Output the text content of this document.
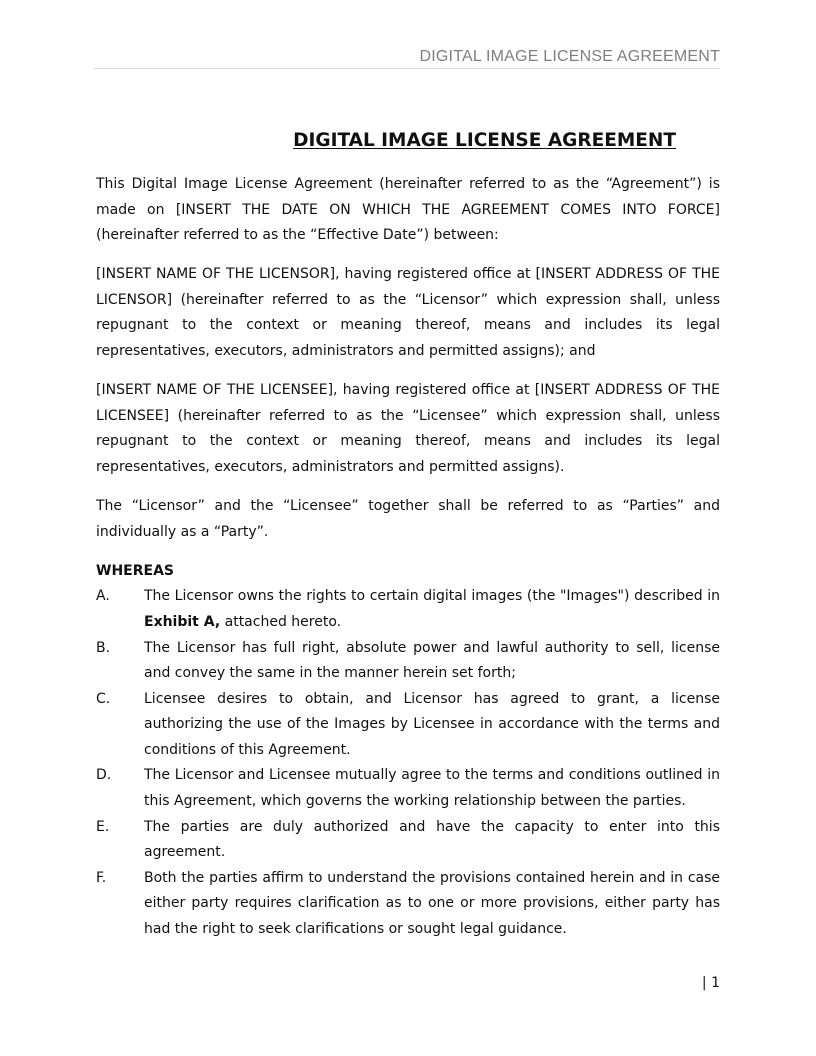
DIGITAL IMAGE LICENSE AGREEMENT
DIGITAL IMAGE LICENSE AGREEMENT

This Digital Image License Agreement (hereinafter referred to as the “Agreement”) is made on [INSERT THE DATE ON WHICH THE AGREEMENT COMES INTO FORCE] (hereinafter referred to as the “Effective Date”) between:

[INSERT NAME OF THE LICENSOR], having registered office at [INSERT ADDRESS OF THE LICENSOR] (hereinafter referred to as the “Licensor” which expression shall, unless repugnant to the context or meaning thereof, means and includes its legal representatives, executors, administrators and permitted assigns); and

[INSERT NAME OF THE LICENSEE], having registered office at [INSERT ADDRESS OF THE LICENSEE] (hereinafter referred to as the “Licensee” which expression shall, unless repugnant to the context or meaning thereof, means and includes its legal representatives, executors, administrators and permitted assigns).

The “Licensor” and the “Licensee” together shall be referred to as “Parties” and individually as a “Party”.

WHEREAS

A.	The Licensor owns the rights to certain digital images (the "Images") described in Exhibit A, attached hereto.
B.	The Licensor has full right, absolute power and lawful authority to sell, license and convey the same in the manner herein set forth;
C.	Licensee desires to obtain, and Licensor has agreed to grant, a license authorizing the use of the Images by Licensee in accordance with the terms and conditions of this Agreement.
D.	The Licensor and Licensee mutually agree to the terms and conditions outlined in this Agreement, which governs the working relationship between the parties.
E.	The parties are duly authorized and have the capacity to enter into this agreement.
F.	Both the parties affirm to understand the provisions contained herein and in case either party requires clarification as to one or more provisions, either party has had the right to seek clarifications or sought legal guidance.
| 1
